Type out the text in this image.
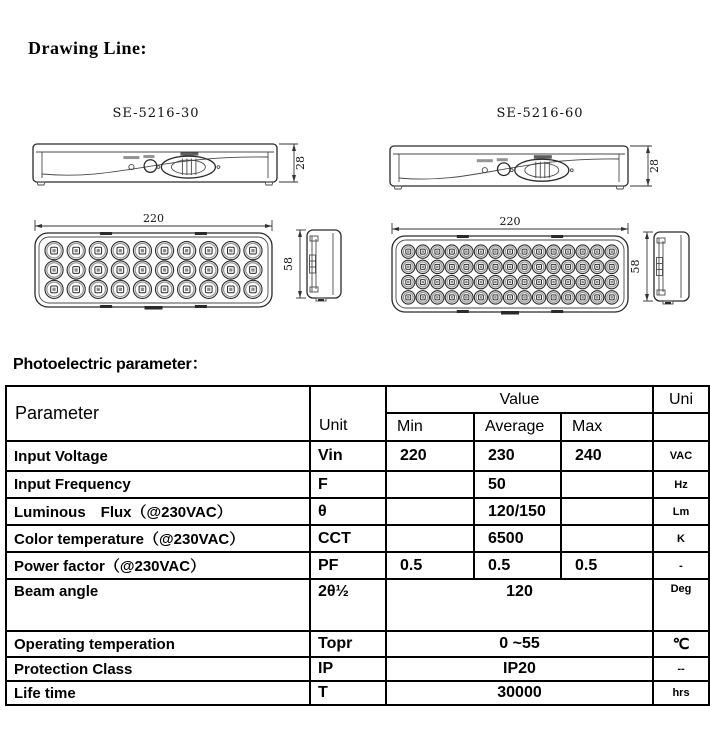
Drawing Line:
SE-5216-30
28
220
58
SE-5216-60
28
220
58
Photoelectric parameter：
Parameter	Unit	Value			Uni
		Min	Average	Max	
Input Voltage	Vin	220	230	240	VAC
Input Frequency	F		50		Hz
Luminous　Flux（@230VAC）	θ		120/150		Lm
Color temperature（@230VAC）	CCT		6500		K
Power factor（@230VAC）	PF	0.5	0.5	0.5	-
Beam angle	2θ½	120			Deg
Operating temperation	Topr	0 ~55			℃
Protection Class	IP	IP20			--
Life time	T	30000			hrs
